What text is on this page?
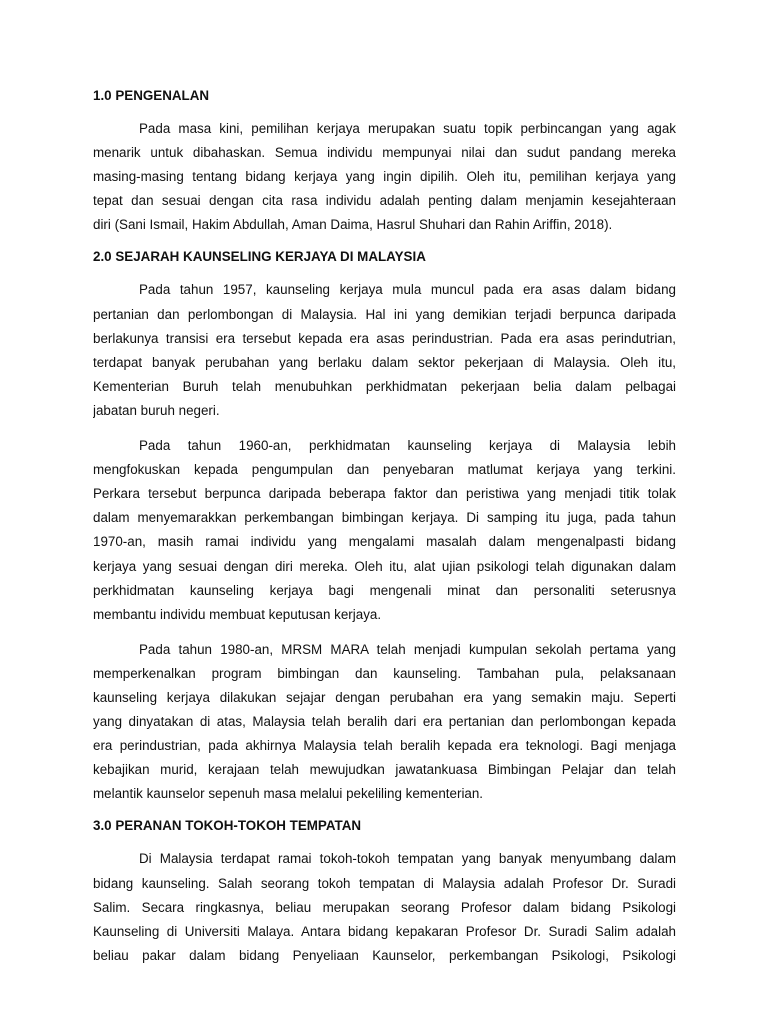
1.0 PENGENALAN
Pada masa kini, pemilihan kerjaya merupakan suatu topik perbincangan yang agak
menarik untuk dibahaskan. Semua individu mempunyai nilai dan sudut pandang mereka
masing-masing tentang bidang kerjaya yang ingin dipilih. Oleh itu, pemilihan kerjaya yang
tepat dan sesuai dengan cita rasa individu adalah penting dalam menjamin kesejahteraan
diri (Sani Ismail, Hakim Abdullah, Aman Daima, Hasrul Shuhari dan Rahin Ariffin, 2018).
2.0 SEJARAH KAUNSELING KERJAYA DI MALAYSIA
Pada tahun 1957, kaunseling kerjaya mula muncul pada era asas dalam bidang
pertanian dan perlombongan di Malaysia. Hal ini yang demikian terjadi berpunca daripada
berlakunya transisi era tersebut kepada era asas perindustrian. Pada era asas perindutrian,
terdapat banyak perubahan yang berlaku dalam sektor pekerjaan di Malaysia. Oleh itu,
Kementerian Buruh telah menubuhkan perkhidmatan pekerjaan belia dalam pelbagai
jabatan buruh negeri.
Pada tahun 1960-an, perkhidmatan kaunseling kerjaya di Malaysia lebih
mengfokuskan kepada pengumpulan dan penyebaran matlumat kerjaya yang terkini.
Perkara tersebut berpunca daripada beberapa faktor dan peristiwa yang menjadi titik tolak
dalam menyemarakkan perkembangan bimbingan kerjaya. Di samping itu juga, pada tahun
1970-an, masih ramai individu yang mengalami masalah dalam mengenalpasti bidang
kerjaya yang sesuai dengan diri mereka. Oleh itu, alat ujian psikologi telah digunakan dalam
perkhidmatan kaunseling kerjaya bagi mengenali minat dan personaliti seterusnya
membantu individu membuat keputusan kerjaya.
Pada tahun 1980-an, MRSM MARA telah menjadi kumpulan sekolah pertama yang
memperkenalkan program bimbingan dan kaunseling. Tambahan pula, pelaksanaan
kaunseling kerjaya dilakukan sejajar dengan perubahan era yang semakin maju. Seperti
yang dinyatakan di atas, Malaysia telah beralih dari era pertanian dan perlombongan kepada
era perindustrian, pada akhirnya Malaysia telah beralih kepada era teknologi. Bagi menjaga
kebajikan murid, kerajaan telah mewujudkan jawatankuasa Bimbingan Pelajar dan telah
melantik kaunselor sepenuh masa melalui pekeliling kementerian.
3.0 PERANAN TOKOH-TOKOH TEMPATAN
Di Malaysia terdapat ramai tokoh-tokoh tempatan yang banyak menyumbang dalam
bidang kaunseling. Salah seorang tokoh tempatan di Malaysia adalah Profesor Dr. Suradi
Salim. Secara ringkasnya, beliau merupakan seorang Profesor dalam bidang Psikologi
Kaunseling di Universiti Malaya. Antara bidang kepakaran Profesor Dr. Suradi Salim adalah
beliau pakar dalam bidang Penyeliaan Kaunselor, perkembangan Psikologi, Psikologi
